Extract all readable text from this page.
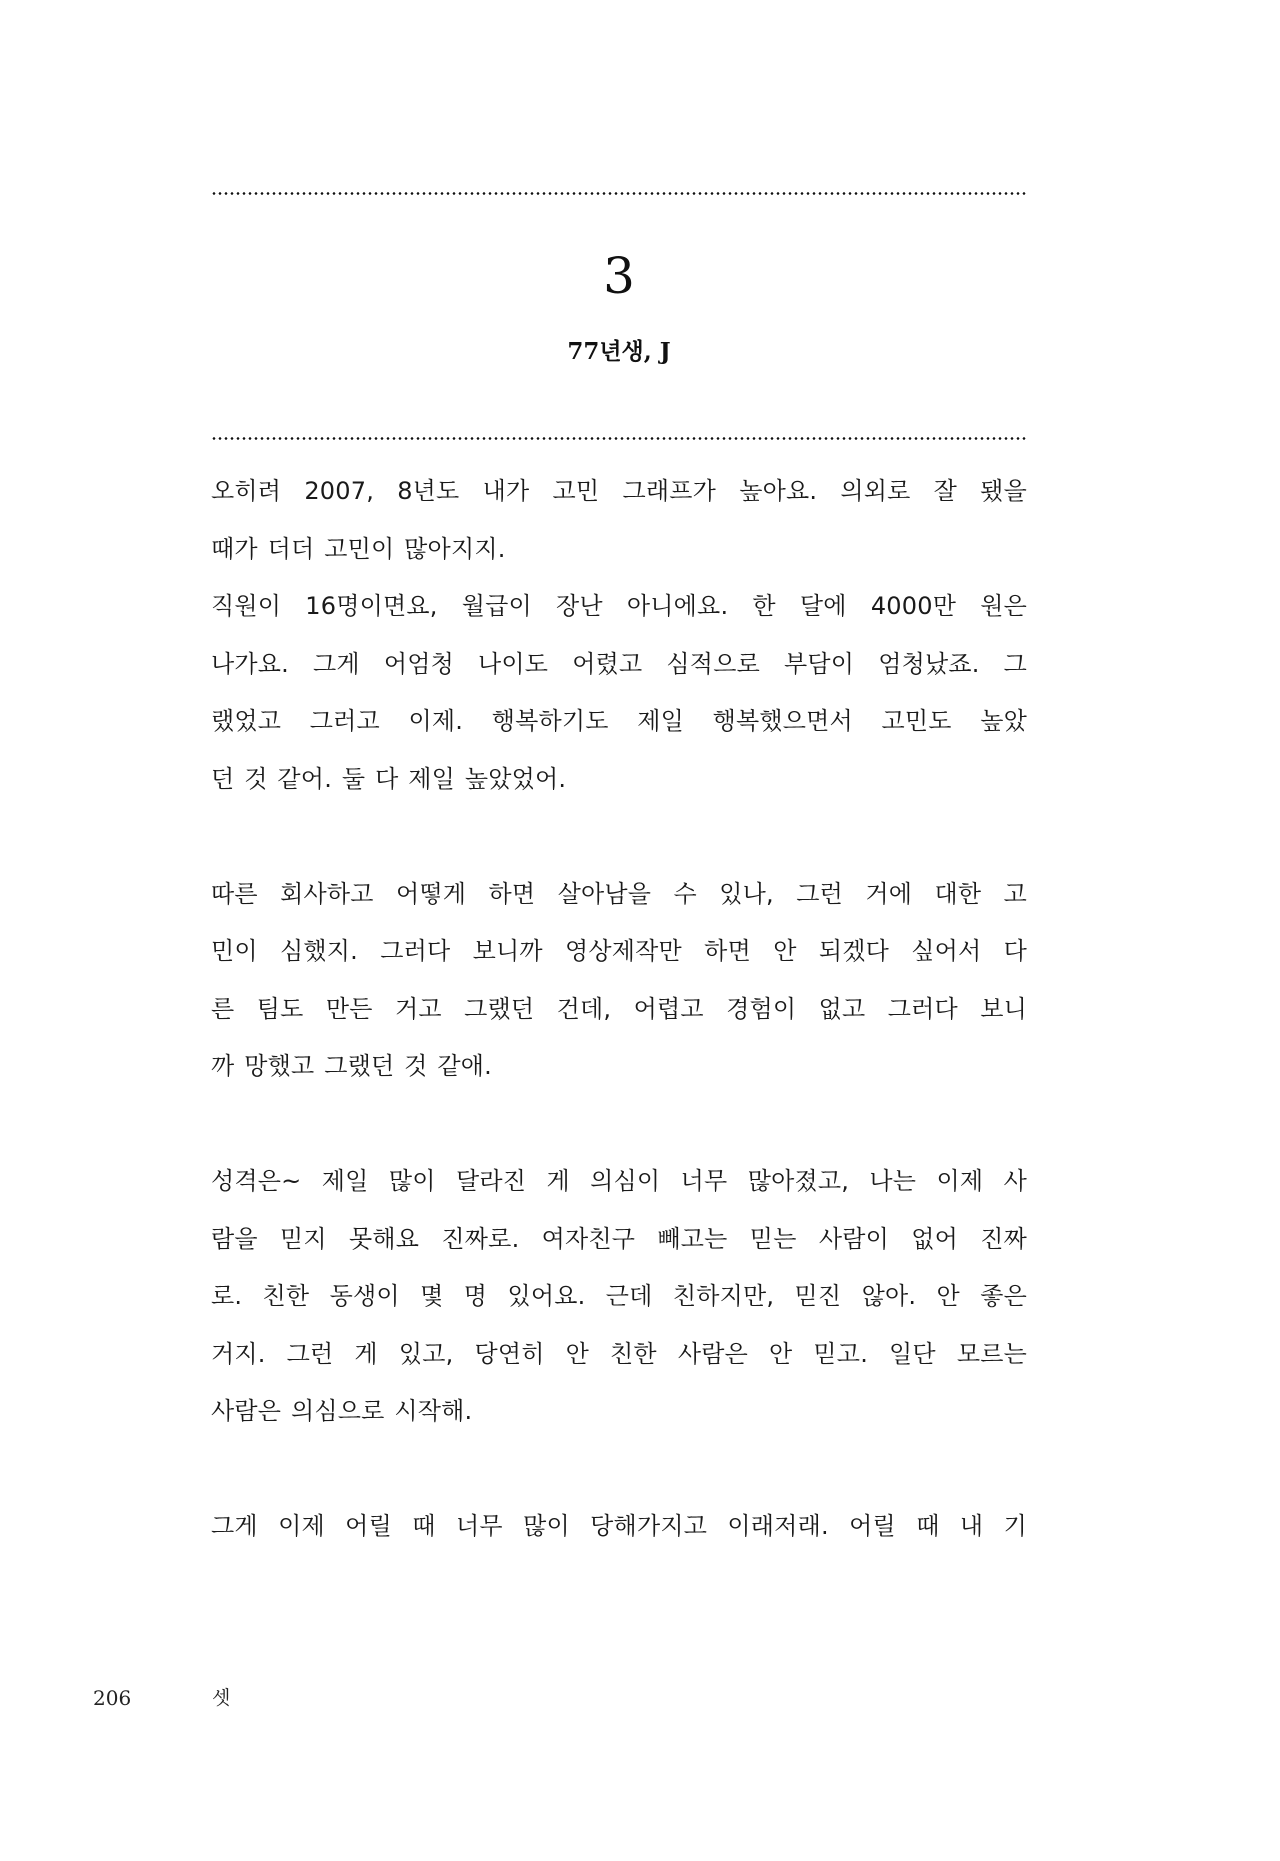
3
77년생, J
오히려 2007, 8년도 내가 고민 그래프가 높아요. 의외로 잘 됐을
때가 더더 고민이 많아지지.
직원이 16명이면요, 월급이 장난 아니에요. 한 달에 4000만 원은
나가요. 그게 어엄청 나이도 어렸고 심적으로 부담이 엄청났죠. 그
랬었고 그러고 이제. 행복하기도 제일 행복했으면서 고민도 높았
던 것 같어. 둘 다 제일 높았었어.
따른 회사하고 어떻게 하면 살아남을 수 있나, 그런 거에 대한 고
민이 심했지. 그러다 보니까 영상제작만 하면 안 되겠다 싶어서 다
른 팀도 만든 거고 그랬던 건데, 어렵고 경험이 없고 그러다 보니
까 망했고 그랬던 것 같애.
성격은~ 제일 많이 달라진 게 의심이 너무 많아졌고, 나는 이제 사
람을 믿지 못해요 진짜로. 여자친구 빼고는 믿는 사람이 없어 진짜
로. 친한 동생이 몇 명 있어요. 근데 친하지만, 믿진 않아. 안 좋은
거지. 그런 게 있고, 당연히 안 친한 사람은 안 믿고. 일단 모르는
사람은 의심으로 시작해.
그게 이제 어릴 때 너무 많이 당해가지고 이래저래. 어릴 때 내 기
206	셋
